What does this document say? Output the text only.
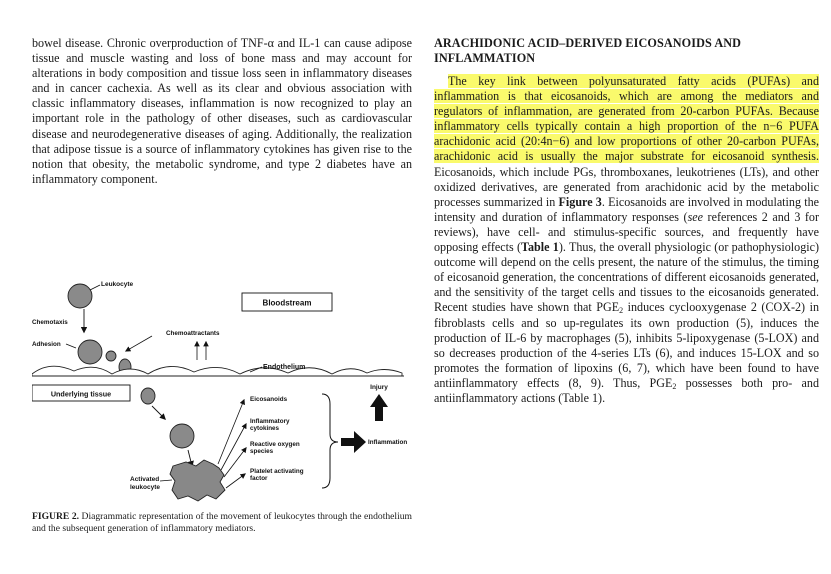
bowel disease. Chronic overproduction of TNF-α and IL-1 can cause adipose tissue and muscle wasting and loss of bone mass and may account for alterations in body composition and tissue loss seen in inflammatory diseases and in cancer cachexia. As well as its clear and obvious association with classic inflammatory diseases, inflammation is now recognized to play an important role in the pathology of other diseases, such as cardiovascular disease and neurodegenerative diseases of aging. Additionally, the realization that adipose tissue is a source of inflammatory cytokines has given rise to the notion that obesity, the metabolic syndrome, and type 2 diabetes have an inflammatory component.

Leukocyte
Bloodstream
Chemotaxis
Chemoattractants
Adhesion
Endothelium
Underlying tissue
Activated
leukocyte
Eicosanoids
Inflammatory
cytokines
Reactive oxygen
species
Platelet activating
factor
Inflammation
Injury
FIGURE 2. Diagrammatic representation of the movement of leukocytes through the endothelium and the subsequent generation of inflammatory mediators.
ARACHIDONIC ACID–DERIVED EICOSANOIDS AND
INFLAMMATION

The key link between polyunsaturated fatty acids (PUFAs) and inflammation is that eicosanoids, which are among the mediators and regulators of inflammation, are generated from 20-carbon PUFAs. Because inflammatory cells typically contain a high proportion of the n−6 PUFA arachidonic acid (20:4n−6) and low proportions of other 20-carbon PUFAs, arachidonic acid is usually the major substrate for eicosanoid synthesis. Eicosanoids, which include PGs, thromboxanes, leukotrienes (LTs), and other oxidized derivatives, are generated from arachidonic acid by the metabolic processes summarized in Figure 3. Eicosanoids are involved in modulating the intensity and duration of inflammatory responses (see references 2 and 3 for reviews), have cell- and stimulus-specific sources, and frequently have opposing effects (Table 1). Thus, the overall physiologic (or pathophysiologic) outcome will depend on the cells present, the nature of the stimulus, the timing of eicosanoid generation, the concentrations of different eicosanoids generated, and the sensitivity of the target cells and tissues to the eicosanoids generated. Recent studies have shown that $PGE_2$ induces cyclooxygenase 2 (COX-2) in fibroblasts cells and so up-regulates its own production (5), induces the production of IL-6 by macrophages (5), inhibits 5-lipoxygenase (5-LOX) and so decreases production of the 4-series LTs (6), and induces 15-LOX and so promotes the formation of lipoxins (6, 7), which have been found to have antiinflammatory effects (8, 9). Thus, $PGE_2$ possesses both pro- and antiinflammatory actions (Table 1).
